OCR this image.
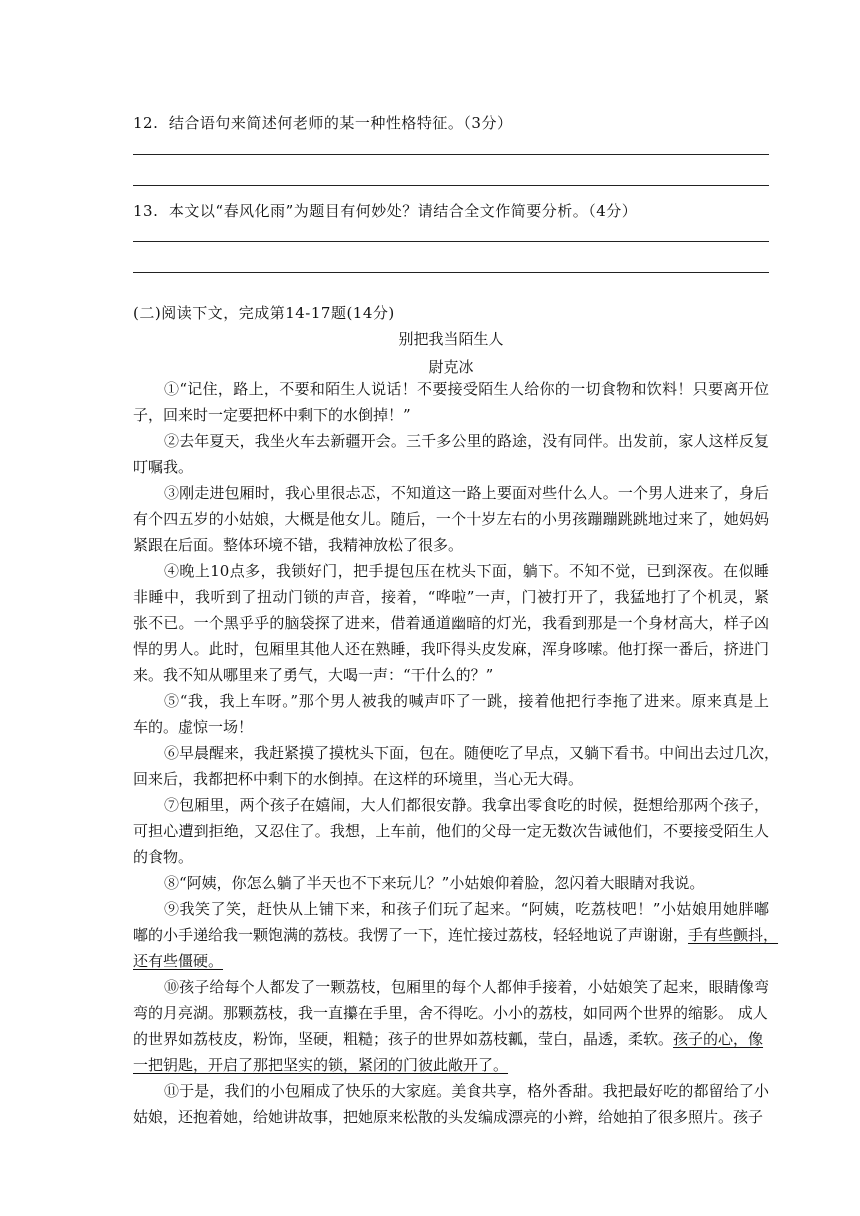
12. 结合语句来简述何老师的某一种性格特征。（3分）
13. 本文以“春风化雨”为题目有何妙处？请结合全文作简要分析。（4分）
(二)阅读下文，完成第14-17题(14分)
别把我当陌生人
尉克冰
①“记住，路上，不要和陌生人说话！不要接受陌生人给你的一切食物和饮料！只要离开位
子，回来时一定要把杯中剩下的水倒掉！”
②去年夏天，我坐火车去新疆开会。三千多公里的路途，没有同伴。出发前，家人这样反复
叮嘱我。
③刚走进包厢时，我心里很忐忑，不知道这一路上要面对些什么人。一个男人进来了，身后
有个四五岁的小姑娘，大概是他女儿。随后，一个十岁左右的小男孩蹦蹦跳跳地过来了，她妈妈
紧跟在后面。整体环境不错，我精神放松了很多。
④晚上10点多，我锁好门，把手提包压在枕头下面，躺下。不知不觉，已到深夜。在似睡
非睡中，我听到了扭动门锁的声音，接着，“哗啦”一声，门被打开了，我猛地打了个机灵，紧
张不已。一个黑乎乎的脑袋探了进来，借着通道幽暗的灯光，我看到那是一个身材高大，样子凶
悍的男人。此时，包厢里其他人还在熟睡，我吓得头皮发麻，浑身哆嗦。他打探一番后，挤进门
来。我不知从哪里来了勇气，大喝一声：“干什么的？”
⑤“我，我上车呀。”那个男人被我的喊声吓了一跳，接着他把行李拖了进来。原来真是上
车的。虚惊一场！
⑥早晨醒来，我赶紧摸了摸枕头下面，包在。随便吃了早点，又躺下看书。中间出去过几次，
回来后，我都把杯中剩下的水倒掉。在这样的环境里，当心无大碍。
⑦包厢里，两个孩子在嬉闹，大人们都很安静。我拿出零食吃的时候，挺想给那两个孩子，
可担心遭到拒绝，又忍住了。我想，上车前，他们的父母一定无数次告诫他们，不要接受陌生人
的食物。
⑧“阿姨，你怎么躺了半天也不下来玩儿？”小姑娘仰着脸，忽闪着大眼睛对我说。
⑨我笑了笑，赶快从上铺下来，和孩子们玩了起来。“阿姨，吃荔枝吧！”小姑娘用她胖嘟
嘟的小手递给我一颗饱满的荔枝。我愣了一下，连忙接过荔枝，轻轻地说了声谢谢，手有些颤抖，
还有些僵硬。
⑩孩子给每个人都发了一颗荔枝，包厢里的每个人都伸手接着，小姑娘笑了起来，眼睛像弯
弯的月亮湖。那颗荔枝，我一直攥在手里，舍不得吃。小小的荔枝，如同两个世界的缩影。 成人
的世界如荔枝皮，粉饰，坚硬，粗糙；孩子的世界如荔枝瓤，莹白，晶透，柔软。孩子的心，像
一把钥匙，开启了那把坚实的锁，紧闭的门彼此敞开了。
⑪于是，我们的小包厢成了快乐的大家庭。美食共享，格外香甜。我把最好吃的都留给了小
姑娘，还抱着她，给她讲故事，把她原来松散的头发编成漂亮的小辫，给她拍了很多照片。孩子
